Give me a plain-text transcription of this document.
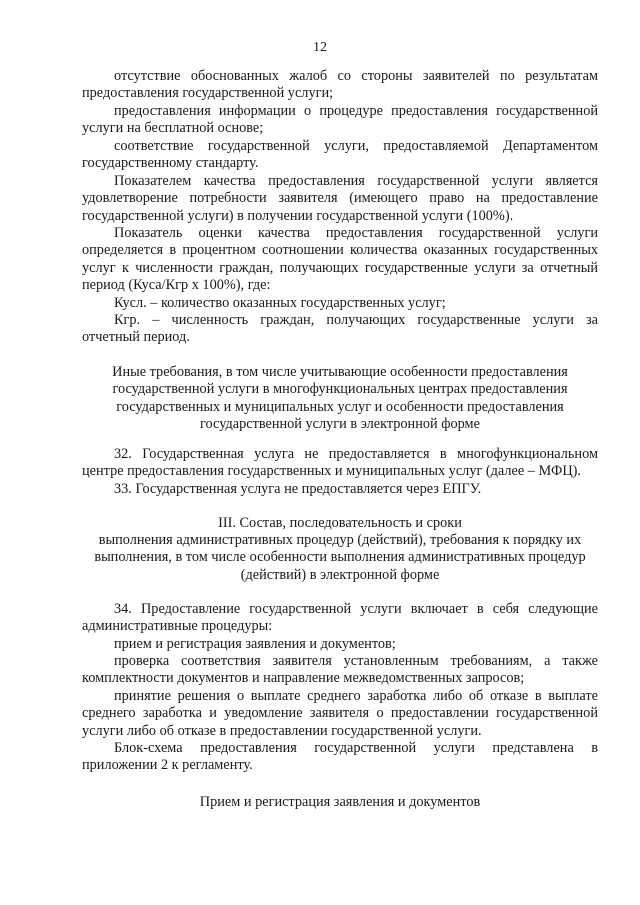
12
отсутствие обоснованных жалоб со стороны заявителей по результатам предоставления государственной услуги;
предоставления информации о процедуре предоставления государственной услуги на бесплатной основе;
соответствие государственной услуги, предоставляемой Департаментом государственному стандарту.
Показателем качества предоставления государственной услуги является удовлетворение потребности заявителя (имеющего право на предоставление государственной услуги) в получении государственной услуги (100%).
Показатель оценки качества предоставления государственной услуги определяется в процентном соотношении количества оказанных государственных услуг к численности граждан, получающих государственные услуги за отчетный период (Куса/Кгр х 100%), где:
Кусл. – количество оказанных государственных услуг;
Кгр. – численность граждан, получающих государственные услуги за отчетный период.
Иные требования, в том числе учитывающие особенности предоставления государственной услуги в многофункциональных центрах предоставления государственных и муниципальных услуг и особенности предоставления государственной услуги в электронной форме
32. Государственная услуга не предоставляется в многофункциональном центре предоставления государственных и муниципальных услуг (далее – МФЦ).
33. Государственная услуга не предоставляется через ЕПГУ.
III. Состав, последовательность и сроки
выполнения административных процедур (действий), требования к порядку их выполнения, в том числе особенности выполнения административных процедур (действий) в электронной форме
34. Предоставление государственной услуги включает в себя следующие административные процедуры:
прием и регистрация заявления и документов;
проверка соответствия заявителя установленным требованиям, а также комплектности документов и направление межведомственных запросов;
принятие решения о выплате среднего заработка либо об отказе в выплате среднего заработка и уведомление заявителя о предоставлении государственной услуги либо об отказе в предоставлении государственной услуги.
Блок-схема предоставления государственной услуги представлена в приложении 2 к регламенту.
Прием и регистрация заявления и документов
